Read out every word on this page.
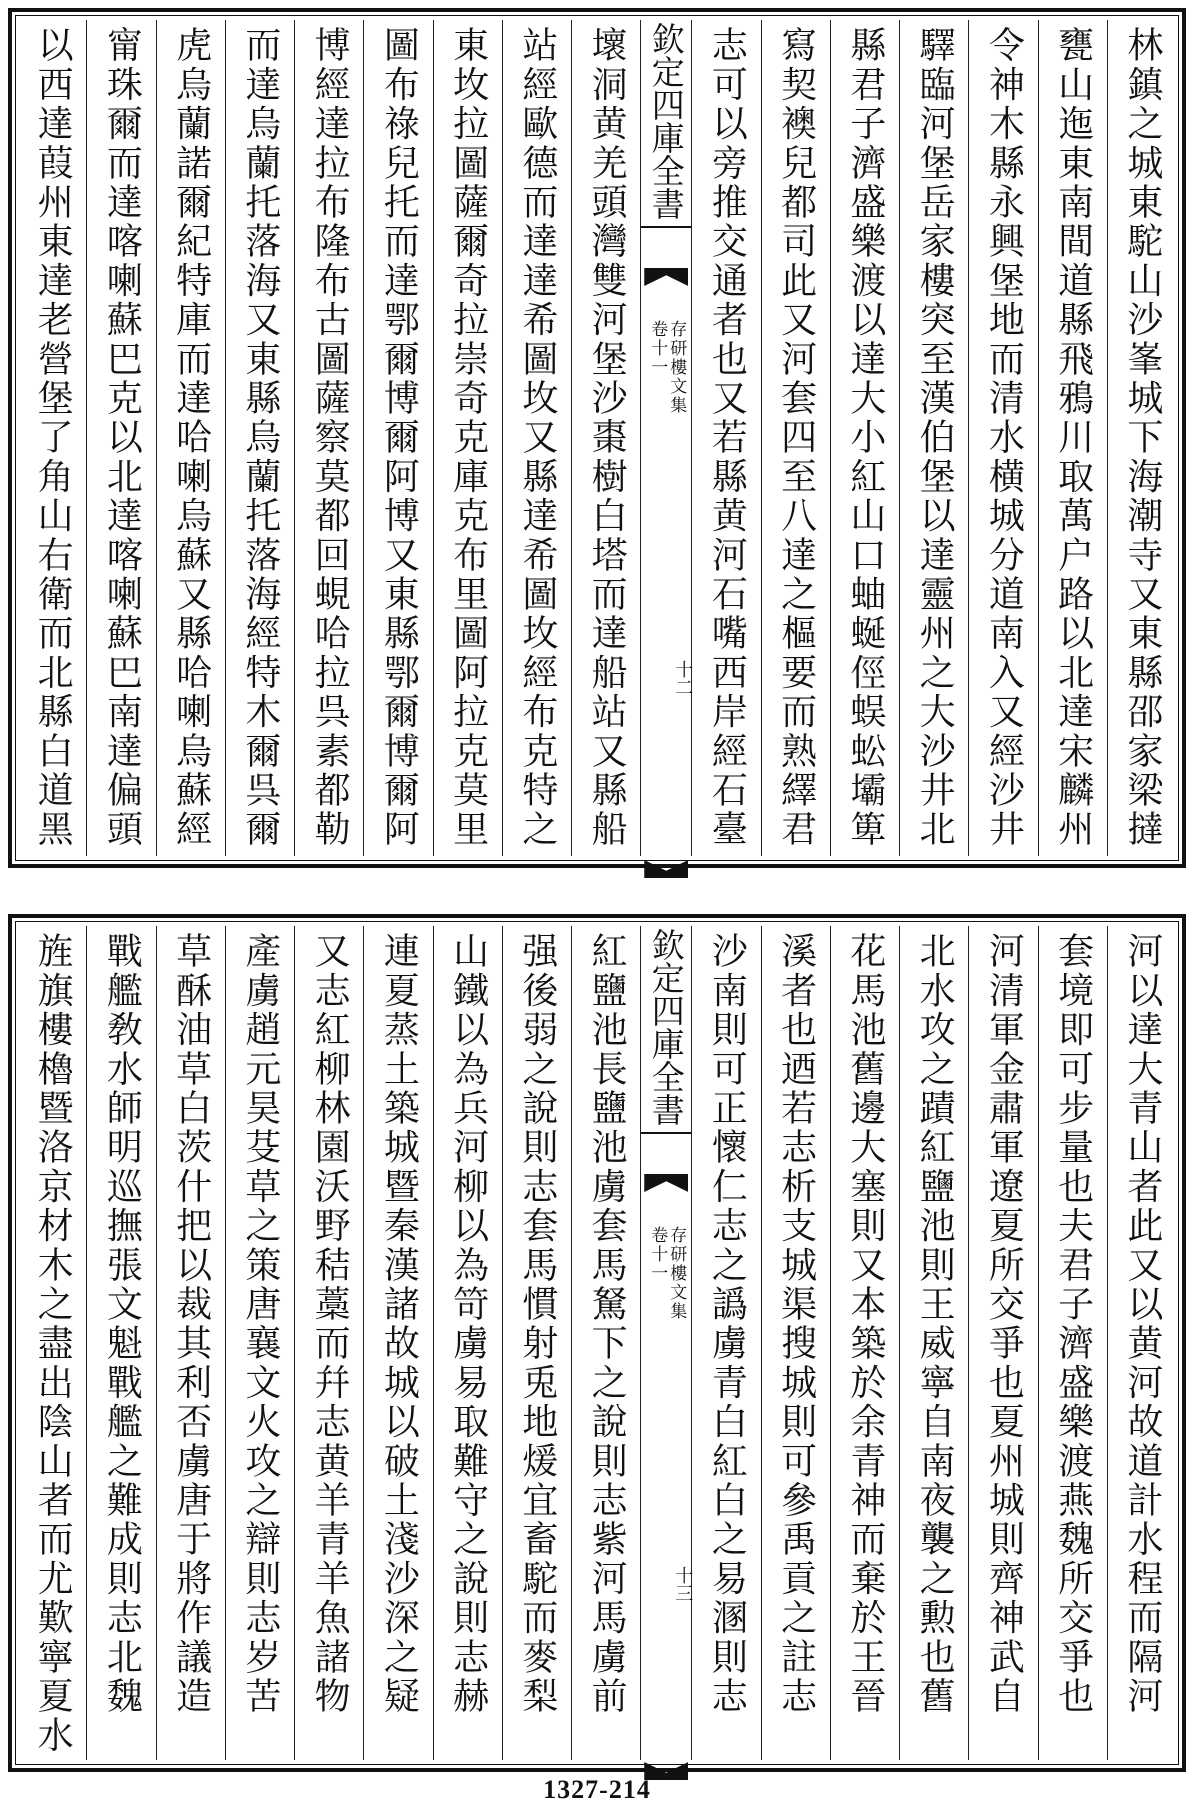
林鎮之城東駝山沙峯城下海潮寺又東縣邵家梁撻
甕山迤東南間道縣飛鴉川取萬户路以北達宋麟州
令神木縣永興堡地而清水横城分道南入又經沙井
驛臨河堡岳家樓突至漢伯堡以達靈州之大沙井北
縣君子濟盛樂渡以達大小紅山口蚰蜒俓蜈蚣壩箄
寫契襖兒都司此又河套四至八達之樞要而熟繹君
志可以旁推交通者也又若縣黄河石嘴西岸經石臺
欽定四庫全書
存研樓文集
卷十一
十二
壞洞黄羌頭灣雙河堡沙棗樹白塔而達船站又縣船
站經歐德而達達希圖坆又縣達希圖坆經布克特之
東坆拉圖薩爾奇拉崇奇克庫克布里圖阿拉克莫里
圖布祿兒托而達鄂爾博爾阿博又東縣鄂爾博爾阿
博經達拉布隆布古圖薩察莫都回蜆哈拉呉素都勒
而達烏蘭托落海又東縣烏蘭托落海經特木爾呉爾
虎烏蘭諾爾紀特庫而達哈喇烏蘇又縣哈喇烏蘇經
甯珠爾而達喀喇蘇巴克以北達喀喇蘇巴南達偏頭
以西達葭州東達老營堡了角山右衛而北縣白道黑
河以達大青山者此又以黄河故道計水程而隔河
套境即可步量也夫君子濟盛樂渡燕魏所交爭也
河清軍金肅軍遼夏所交爭也夏州城則齊神武自
北水攻之蹟紅鹽池則王威寧自南夜襲之勲也舊
花馬池舊邊大塞則又本築於余青神而棄於王晉
溪者也迺若志析支城渠搜城則可參禹貢之註志
沙南則可正懷仁志之譌虜青白紅白之易溷則志
欽定四庫全書
存研樓文集
卷十一
十三
紅鹽池長鹽池虜套馬駑下之說則志紫河馬虜前
强後弱之說則志套馬慣射兎地煖宜畜駝而麥梨
山鐵以為兵河柳以為笴虜易取難守之說則志赫
連夏蒸土築城暨秦漢諸故城以破土淺沙深之疑
又志紅柳林園沃野秸藁而幷志黄羊青羊魚諸物
產虜趙元昊芟草之策唐襄文火攻之辯則志岁苦
草酥油草白茨什把以裁其利否虜唐于將作議造
戰艦敎水師明巡撫張文魁戰艦之難成則志北魏
旌旗樓櫓暨洛京材木之盡出陰山者而尤歎寧夏水
1327-214
